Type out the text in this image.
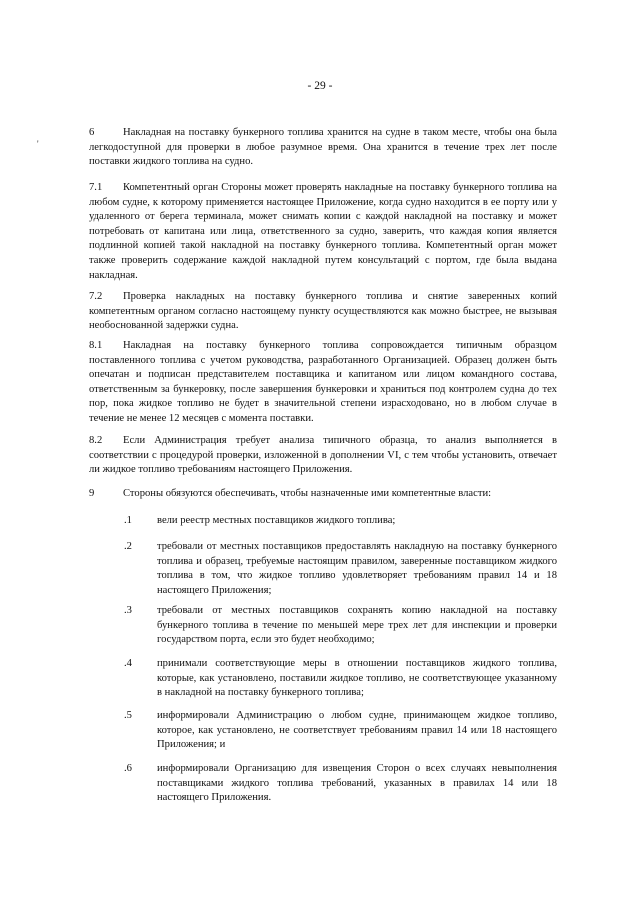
- 29 -
'
6	Накладная на поставку бункерного топлива хранится на судне в таком месте, чтобы она была легкодоступной для проверки в любое разумное время. Она хранится в течение трех лет после поставки жидкого топлива на судно.
7.1	Компетентный орган Стороны может проверять накладные на поставку бункерного топлива на любом судне, к которому применяется настоящее Приложение, когда судно находится в ее порту или у удаленного от берега терминала, может снимать копии с каждой накладной на поставку и может потребовать от капитана или лица, ответственного за судно, заверить, что каждая копия является подлинной копией такой накладной на поставку бункерного топлива. Компетентный орган может также проверить содержание каждой накладной путем консультаций с портом, где была выдана накладная.
7.2	Проверка накладных на поставку бункерного топлива и снятие заверенных копий компетентным органом согласно настоящему пункту осуществляются как можно быстрее, не вызывая необоснованной задержки судна.
8.1	Накладная на поставку бункерного топлива сопровождается типичным образцом поставленного топлива с учетом руководства, разработанного Организацией. Образец должен быть опечатан и подписан представителем поставщика и капитаном или лицом командного состава, ответственным за бункеровку, после завершения бункеровки и храниться под контролем судна до тех пор, пока жидкое топливо не будет в значительной степени израсходовано, но в любом случае в течение не менее 12 месяцев с момента поставки.
8.2	Если Администрация требует анализа типичного образца, то анализ выполняется в соответствии с процедурой проверки, изложенной в дополнении VI, с тем чтобы установить, отвечает ли жидкое топливо требованиям настоящего Приложения.
9	Стороны обязуются обеспечивать, чтобы назначенные ими компетентные власти:
.1 вели реестр местных поставщиков жидкого топлива;
.2 требовали от местных поставщиков предоставлять накладную на поставку бункерного топлива и образец, требуемые настоящим правилом, заверенные поставщиком жидкого топлива в том, что жидкое топливо удовлетворяет требованиям правил 14 и 18 настоящего Приложения;
.3 требовали от местных поставщиков сохранять копию накладной на поставку бункерного топлива в течение по меньшей мере трех лет для инспекции и проверки государством порта, если это будет необходимо;
.4 принимали соответствующие меры в отношении поставщиков жидкого топлива, которые, как установлено, поставили жидкое топливо, не соответствующее указанному в накладной на поставку бункерного топлива;
.5 информировали Администрацию о любом судне, принимающем жидкое топливо, которое, как установлено, не соответствует требованиям правил 14 или 18 настоящего Приложения; и
.6 информировали Организацию для извещения Сторон о всех случаях невыполнения поставщиками жидкого топлива требований, указанных в правилах 14 или 18 настоящего Приложения.
